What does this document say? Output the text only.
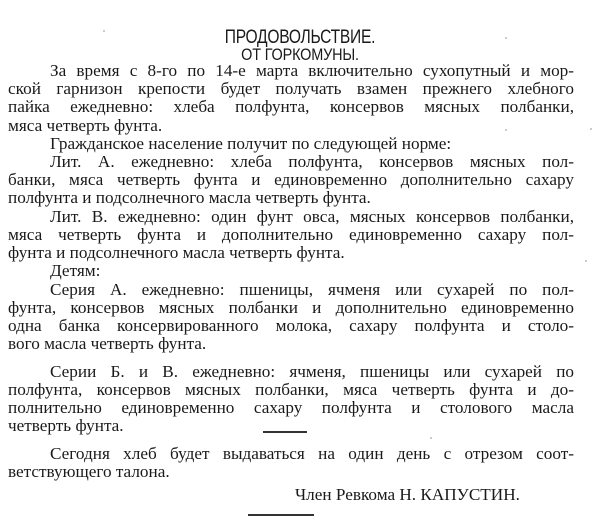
ПРОДОВОЛЬСТВИЕ.
ОТ ГОРКОМУНЫ.
За время с 8-го по 14-е марта включительно сухопутный и мор-
ской гарнизон крепости будет получать взамен прежнего хлебного
пайка ежедневно: хлеба полфунта, консервов мясных полбанки,
мяса четверть фунта.
Гражданское население получит по следующей норме:
Лит. А. ежедневно: хлеба полфунта, консервов мясных пол-
банки, мяса четверть фунта и единовременно дополнительно сахару
полфунта и подсолнечного масла четверть фунта.
Лит. В. ежедневно: один фунт овса, мясных консервов полбанки,
мяса четверть фунта и дополнительно единовременно сахару пол-
фунта и подсолнечного масла четверть фунта.
Детям:
Серия А. ежедневно: пшеницы, ячменя или сухарей по пол-
фунта, консервов мясных полбанки и дополнительно единовременно
одна банка консервированного молока, сахару полфунта и столо-
вого масла четверть фунта.
Серии Б. и В. ежедневно: ячменя, пшеницы или сухарей по
полфунта, консервов мясных полбанки, мяса четверть фунта и до-
полнительно единовременно сахару полфунта и столового масла
четверть фунта.
Сегодня хлеб будет выдаваться на один день с отрезом соот-
ветствующего талона.
Член Ревкома Н. КАПУСТИН.
